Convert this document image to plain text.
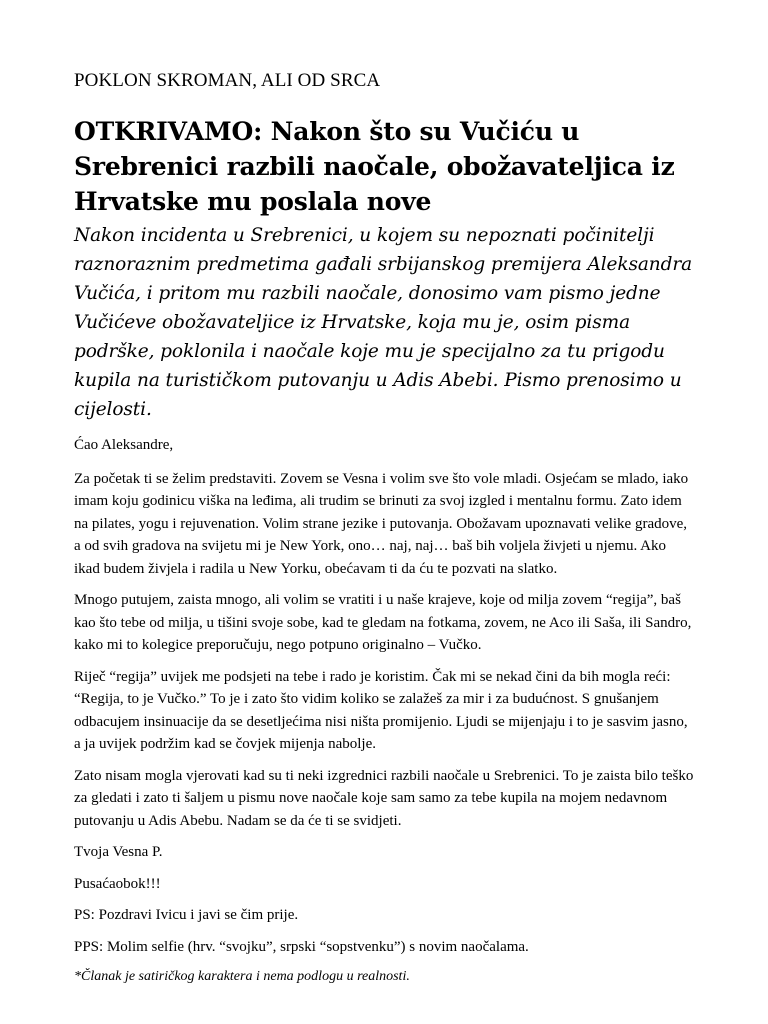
POKLON SKROMAN, ALI OD SRCA
OTKRIVAMO: Nakon što su Vučiću u Srebrenici razbili naočale, obožavateljica iz Hrvatske mu poslala nove
Nakon incidenta u Srebrenici, u kojem su nepoznati počinitelji raznoraznim predmetima gađali srbijanskog premijera Aleksandra Vučića, i pritom mu razbili naočale, donosimo vam pismo jedne Vučićeve obožavateljice iz Hrvatske, koja mu je, osim pisma podrške, poklonila i naočale koje mu je specijalno za tu prigodu kupila na turističkom putovanju u Adis Abebi. Pismo prenosimo u cijelosti.

Ćao Aleksandre,

Za početak ti se želim predstaviti. Zovem se Vesna i volim sve što vole mladi. Osjećam se mlado, iako imam koju godinicu viška na leđima, ali trudim se brinuti za svoj izgled i mentalnu formu. Zato idem na pilates, yogu i rejuvenation. Volim strane jezike i putovanja. Obožavam upoznavati velike gradove, a od svih gradova na svijetu mi je New York, ono… naj, naj… baš bih voljela živjeti u njemu. Ako ikad budem živjela i radila u New Yorku, obećavam ti da ću te pozvati na slatko.

Mnogo putujem, zaista mnogo, ali volim se vratiti i u naše krajeve, koje od milja zovem “regija”, baš kao što tebe od milja, u tišini svoje sobe, kad te gledam na fotkama, zovem, ne Aco ili Saša, ili Sandro, kako mi to kolegice preporučuju, nego potpuno originalno – Vučko.

Riječ “regija” uvijek me podsjeti na tebe i rado je koristim. Čak mi se nekad čini da bih mogla reći: “Regija, to je Vučko.” To je i zato što vidim koliko se zalažeš za mir i za budućnost. S gnušanjem odbacujem insinuacije da se desetljećima nisi ništa promijenio. Ljudi se mijenjaju i to je sasvim jasno, a ja uvijek podržim kad se čovjek mijenja nabolje.

Zato nisam mogla vjerovati kad su ti neki izgrednici razbili naočale u Srebrenici. To je zaista bilo teško za gledati i zato ti šaljem u pismu nove naočale koje sam samo za tebe kupila na mojem nedavnom putovanju u Adis Abebu. Nadam se da će ti se svidjeti.

Tvoja Vesna P.

Pusaćaobok!!!

PS: Pozdravi Ivicu i javi se čim prije.

PPS: Molim selfie (hrv. “svojku”, srpski “sopstvenku”) s novim naočalama.

*Članak je satiričkog karaktera i nema podlogu u realnosti.
